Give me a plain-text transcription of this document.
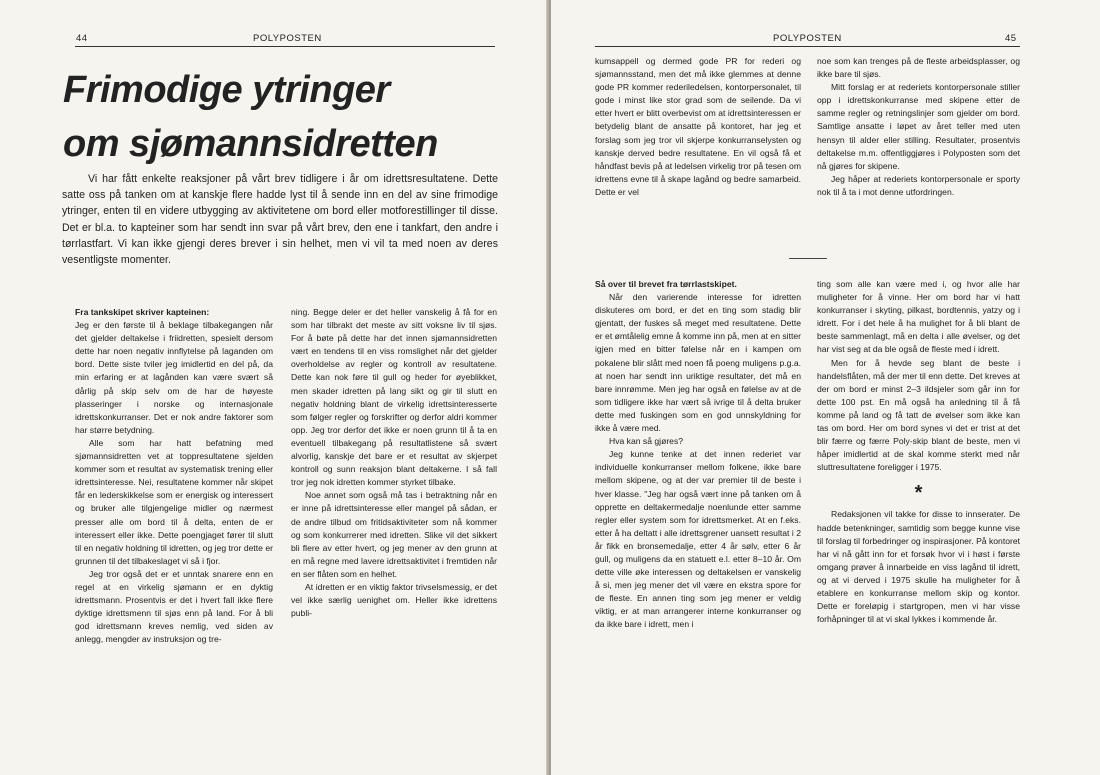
44	POLYPOSTEN
Frimodige ytringer
om sjømannsidretten
Vi har fått enkelte reaksjoner på vårt brev tidligere i år om idrettsresultatene. Dette satte oss på tanken om at kanskje flere hadde lyst til å sende inn en del av sine frimodige ytringer, enten til en videre utbygging av aktivitetene om bord eller motforestillinger til disse. Det er bl.a. to kapteiner som har sendt inn svar på vårt brev, den ene i tankfart, den andre i tørrlastfart. Vi kan ikke gjengi deres brever i sin helhet, men vi vil ta med noen av deres vesentligste momenter.

Fra tankskipet skriver kapteinen:

Jeg er den første til å beklage tilbakegangen når det gjelder deltakelse i friidretten, spesielt dersom dette har noen negativ innflytelse på laganden om bord. Dette siste tviler jeg imidlertid en del på, da min erfaring er at lagånden kan være svært så dårlig på skip selv om de har de høyeste plasseringer i norske og internasjonale idrettskonkurranser. Det er nok andre faktorer som har større betydning.

Alle som har hatt befatning med sjømannsidretten vet at toppresultatene sjelden kommer som et resultat av systematisk trening eller idrettsinteresse. Nei, resultatene kommer når skipet får en lederskikkelse som er energisk og interessert og bruker alle tilgjengelige midler og nærmest presser alle om bord til å delta, enten de er interessert eller ikke. Dette poengjaget fører til slutt til en negativ holdning til idretten, og jeg tror dette er grunnen til det tilbakeslaget vi så i fjor.

Jeg tror også det er et unntak snarere enn en regel at en virkelig sjømann er en dyktig idrettsmann. Prosentvis er det i hvert fall ikke flere dyktige idrettsmenn til sjøs enn på land. For å bli god idrettsmann kreves nemlig, ved siden av anlegg, mengder av instruksjon og tre-

ning. Begge deler er det heller vanskelig å få for en som har tilbrakt det meste av sitt voksne liv til sjøs. For å bøte på dette har det innen sjømannsidretten vært en tendens til en viss romslighet når det gjelder overholdelse av regler og kontroll av resultatene. Dette kan nok føre til gull og heder for øyeblikket, men skader idretten på lang sikt og gir til slutt en negativ holdning blant de virkelig idrettsinteresserte som følger regler og forskrifter og derfor aldri kommer opp. Jeg tror derfor det ikke er noen grunn til å ta en eventuell tilbakegang på resultatlistene så svært alvorlig, kanskje det bare er et resultat av skjerpet kontroll og sunn reaksjon blant deltakerne. I så fall tror jeg nok idretten kommer styrket tilbake.

Noe annet som også må tas i betraktning når en er inne på idrettsinteresse eller mangel på sådan, er de andre tilbud om fritidsaktiviteter som nå kommer og som konkurrerer med idretten. Slike vil det sikkert bli flere av etter hvert, og jeg mener av den grunn at en må regne med lavere idrettsaktivitet i fremtiden når en ser flåten som en helhet.

At idretten er en viktig faktor trivselsmessig, er det vel ikke særlig uenighet om. Heller ikke idrettens publi-

POLYPOSTEN	45

kumsappell og dermed gode PR for rederi og sjømannsstand, men det må ikke glemmes at denne gode PR kommer rederiledelsen, kontorpersonalet, til gode i minst like stor grad som de seilende. Da vi etter hvert er blitt overbevist om at idrettsinteressen er betydelig blant de ansatte på kontoret, har jeg et forslag som jeg tror vil skjerpe konkurranselysten og kanskje derved bedre resultatene. En vil også få et håndfast bevis på at ledelsen virkelig tror på tesen om idrettens evne til å skape lagånd og bedre samarbeid. Dette er vel

noe som kan trenges på de fleste arbeidsplasser, og ikke bare til sjøs.

Mitt forslag er at rederiets kontorpersonale stiller opp i idrettskonkurranse med skipene etter de samme regler og retningslinjer som gjelder om bord. Samtlige ansatte i løpet av året teller med uten hensyn til alder eller stilling. Resultater, prosentvis deltakelse m.m. offentliggjøres i Polyposten som det nå gjøres for skipene.

Jeg håper at rederiets kontorpersonale er sporty nok til å ta i mot denne utfordringen.

Så over til brevet fra tørrlastskipet.

Når den varierende interesse for idretten diskuteres om bord, er det en ting som stadig blir gjentatt, der fuskes så meget med resultatene. Dette er et ømtålelig emne å komme inn på, men at en sitter igjen med en bitter følelse når en i kampen om pokalene blir slått med noen få poeng muligens p.g.a. at noen har sendt inn uriktige resultater, det må en bare innrømme. Men jeg har også en følelse av at de som tidligere ikke har vært så ivrige til å delta bruker dette med fuskingen som en god unnskyldning for ikke å være med.

Hva kan så gjøres?

Jeg kunne tenke at det innen rederiet var individuelle konkurranser mellom folkene, ikke bare mellom skipene, og at der var premier til de beste i hver klasse. "Jeg har også vært inne på tanken om å opprette en deltakermedalje noenlunde etter samme regler eller system som for idrettsmerket. At en f.eks. etter å ha deltatt i alle idrettsgrener uansett resultat i 2 år fikk en bronsemedalje, etter 4 år sølv, etter 6 år gull, og muligens da en statuett e.l. etter 8–10 år. Om dette ville øke interessen og deltakelsen er vanskelig å si, men jeg mener det vil være en ekstra spore for de fleste. En annen ting som jeg mener er veldig viktig, er at man arrangerer interne konkurranser og da ikke bare i idrett, men i

ting som alle kan være med i, og hvor alle har muligheter for å vinne. Her om bord har vi hatt konkurranser i skyting, pilkast, bordtennis, yatzy og i idrett. For i det hele å ha mulighet for å bli blant de beste sammenlagt, må en delta i alle øvelser, og det har vist seg at da ble også de fleste med i idrett.

Men for å hevde seg blant de beste i handelsflåten, må der mer til enn dette. Det kreves at der om bord er minst 2–3 ildsjeler som går inn for dette 100 pst. En må også ha anledning til å få komme på land og få tatt de øvelser som ikke kan tas om bord. Her om bord synes vi det er trist at det blir færre og færre Poly-skip blant de beste, men vi håper imidlertid at de skal komme sterkt med når sluttresultatene foreligger i 1975.

*

Redaksjonen vil takke for disse to innserater. De hadde betenkninger, samtidig som begge kunne vise til forslag til forbedringer og inspirasjoner. På kontoret har vi nå gått inn for et forsøk hvor vi i høst i første omgang prøver å innarbeide en viss lagånd til idrett, og at vi derved i 1975 skulle ha muligheter for å etablere en konkurranse mellom skip og kontor. Dette er foreløpig i startgropen, men vi har visse forhåpninger til at vi skal lykkes i kommende år.
